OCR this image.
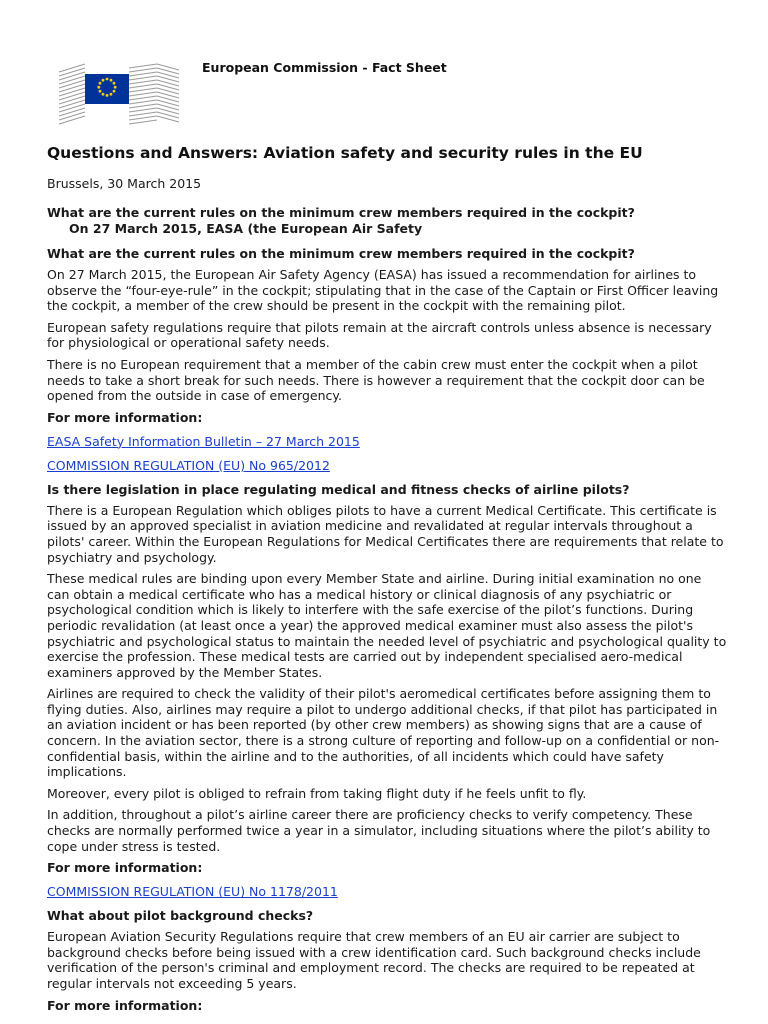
European Commission - Fact Sheet
Questions and Answers: Aviation safety and security rules in the EU
Brussels, 30 March 2015
What are the current rules on the minimum crew members required in the cockpit?
On 27 March 2015, EASA (the European Air Safety
What are the current rules on the minimum crew members required in the cockpit?
On 27 March 2015, the European Air Safety Agency (EASA) has issued a recommendation for airlines to observe the “four-eye-rule” in the cockpit; stipulating that in the case of the Captain or First Officer leaving the cockpit, a member of the crew should be present in the cockpit with the remaining pilot.
European safety regulations require that pilots remain at the aircraft controls unless absence is necessary for physiological or operational safety needs.
There is no European requirement that a member of the cabin crew must enter the cockpit when a pilot needs to take a short break for such needs. There is however a requirement that the cockpit door can be opened from the outside in case of emergency.
For more information:
EASA Safety Information Bulletin – 27 March 2015
COMMISSION REGULATION (EU) No 965/2012
Is there legislation in place regulating medical and fitness checks of airline pilots?
There is a European Regulation which obliges pilots to have a current Medical Certificate. This certificate is issued by an approved specialist in aviation medicine and revalidated at regular intervals throughout a pilots' career. Within the European Regulations for Medical Certificates there are requirements that relate to psychiatry and psychology.
These medical rules are binding upon every Member State and airline. During initial examination no one can obtain a medical certificate who has a medical history or clinical diagnosis of any psychiatric or psychological condition which is likely to interfere with the safe exercise of the pilot’s functions. During periodic revalidation (at least once a year) the approved medical examiner must also assess the pilot's psychiatric and psychological status to maintain the needed level of psychiatric and psychological quality to exercise the profession. These medical tests are carried out by independent specialised aero-medical examiners approved by the Member States.
Airlines are required to check the validity of their pilot's aeromedical certificates before assigning them to flying duties. Also, airlines may require a pilot to undergo additional checks, if that pilot has participated in an aviation incident or has been reported (by other crew members) as showing signs that are a cause of concern. In the aviation sector, there is a strong culture of reporting and follow-up on a confidential or non-confidential basis, within the airline and to the authorities, of all incidents which could have safety implications.
Moreover, every pilot is obliged to refrain from taking flight duty if he feels unfit to fly.
In addition, throughout a pilot’s airline career there are proficiency checks to verify competency. These checks are normally performed twice a year in a simulator, including situations where the pilot’s ability to cope under stress is tested.
For more information:
COMMISSION REGULATION (EU) No 1178/2011
What about pilot background checks?
European Aviation Security Regulations require that crew members of an EU air carrier are subject to background checks before being issued with a crew identification card. Such background checks include verification of the person's criminal and employment record. The checks are required to be repeated at regular intervals not exceeding 5 years.
For more information:
